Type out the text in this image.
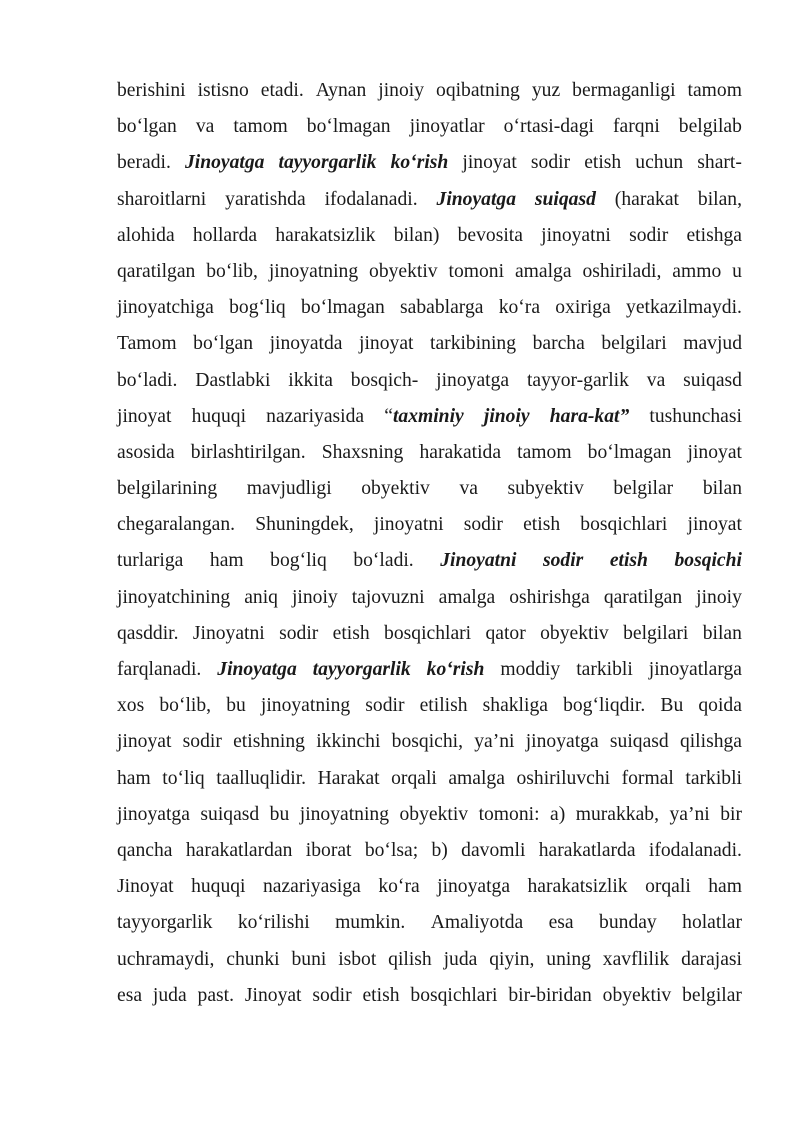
berishini istisno etadi. Aynan jinoiy oqibatning yuz bermaganligi tamom
bo‘lgan va tamom bo‘lmagan jinoyatlar o‘rtasi-dagi farqni belgilab
beradi. Jinoyatga tayyorgarlik ko‘rish jinoyat sodir etish uchun shart-
sharoitlarni yaratishda ifodalanadi. Jinoyatga suiqasd (harakat bilan,
alohida hollarda harakatsizlik bilan) bevosita jinoyatni sodir etishga
qaratilgan bo‘lib, jinoyatning obyektiv tomoni amalga oshiriladi, ammo u
jinoyatchiga bog‘liq bo‘lmagan sabablarga ko‘ra oxiriga yetkazilmaydi.
Tamom bo‘lgan jinoyatda jinoyat tarkibining barcha belgilari mavjud
bo‘ladi. Dastlabki ikkita bosqich- jinoyatga tayyor-garlik va suiqasd
jinoyat huquqi nazariyasida “taxminiy jinoiy hara-kat” tushunchasi
asosida birlashtirilgan. Shaxsning harakatida tamom bo‘lmagan jinoyat
belgilarining mavjudligi obyektiv va subyektiv belgilar bilan
chegaralangan. Shuningdek, jinoyatni sodir etish bosqichlari jinoyat
turlariga ham bog‘liq bo‘ladi. Jinoyatni sodir etish bosqichi
jinoyatchining aniq jinoiy tajovuzni amalga oshirishga qaratilgan jinoiy
qasddir. Jinoyatni sodir etish bosqichlari qator obyektiv belgilari bilan
farqlanadi. Jinoyatga tayyorgarlik ko‘rish moddiy tarkibli jinoyatlarga
xos bo‘lib, bu jinoyatning sodir etilish shakliga bog‘liqdir. Bu qoida
jinoyat sodir etishning ikkinchi bosqichi, ya’ni jinoyatga suiqasd qilishga
ham to‘liq taalluqlidir. Harakat orqali amalga oshiriluvchi formal tarkibli
jinoyatga suiqasd bu jinoyatning obyektiv tomoni: a) murakkab, ya’ni bir
qancha harakatlardan iborat bo‘lsa; b) davomli harakatlarda ifodalanadi.
Jinoyat huquqi nazariyasiga ko‘ra jinoyatga harakatsizlik orqali ham
tayyorgarlik ko‘rilishi mumkin. Amaliyotda esa bunday holatlar
uchramaydi, chunki buni isbot qilish juda qiyin, uning xavflilik darajasi
esa juda past. Jinoyat sodir etish bosqichlari bir-biridan obyektiv belgilar
